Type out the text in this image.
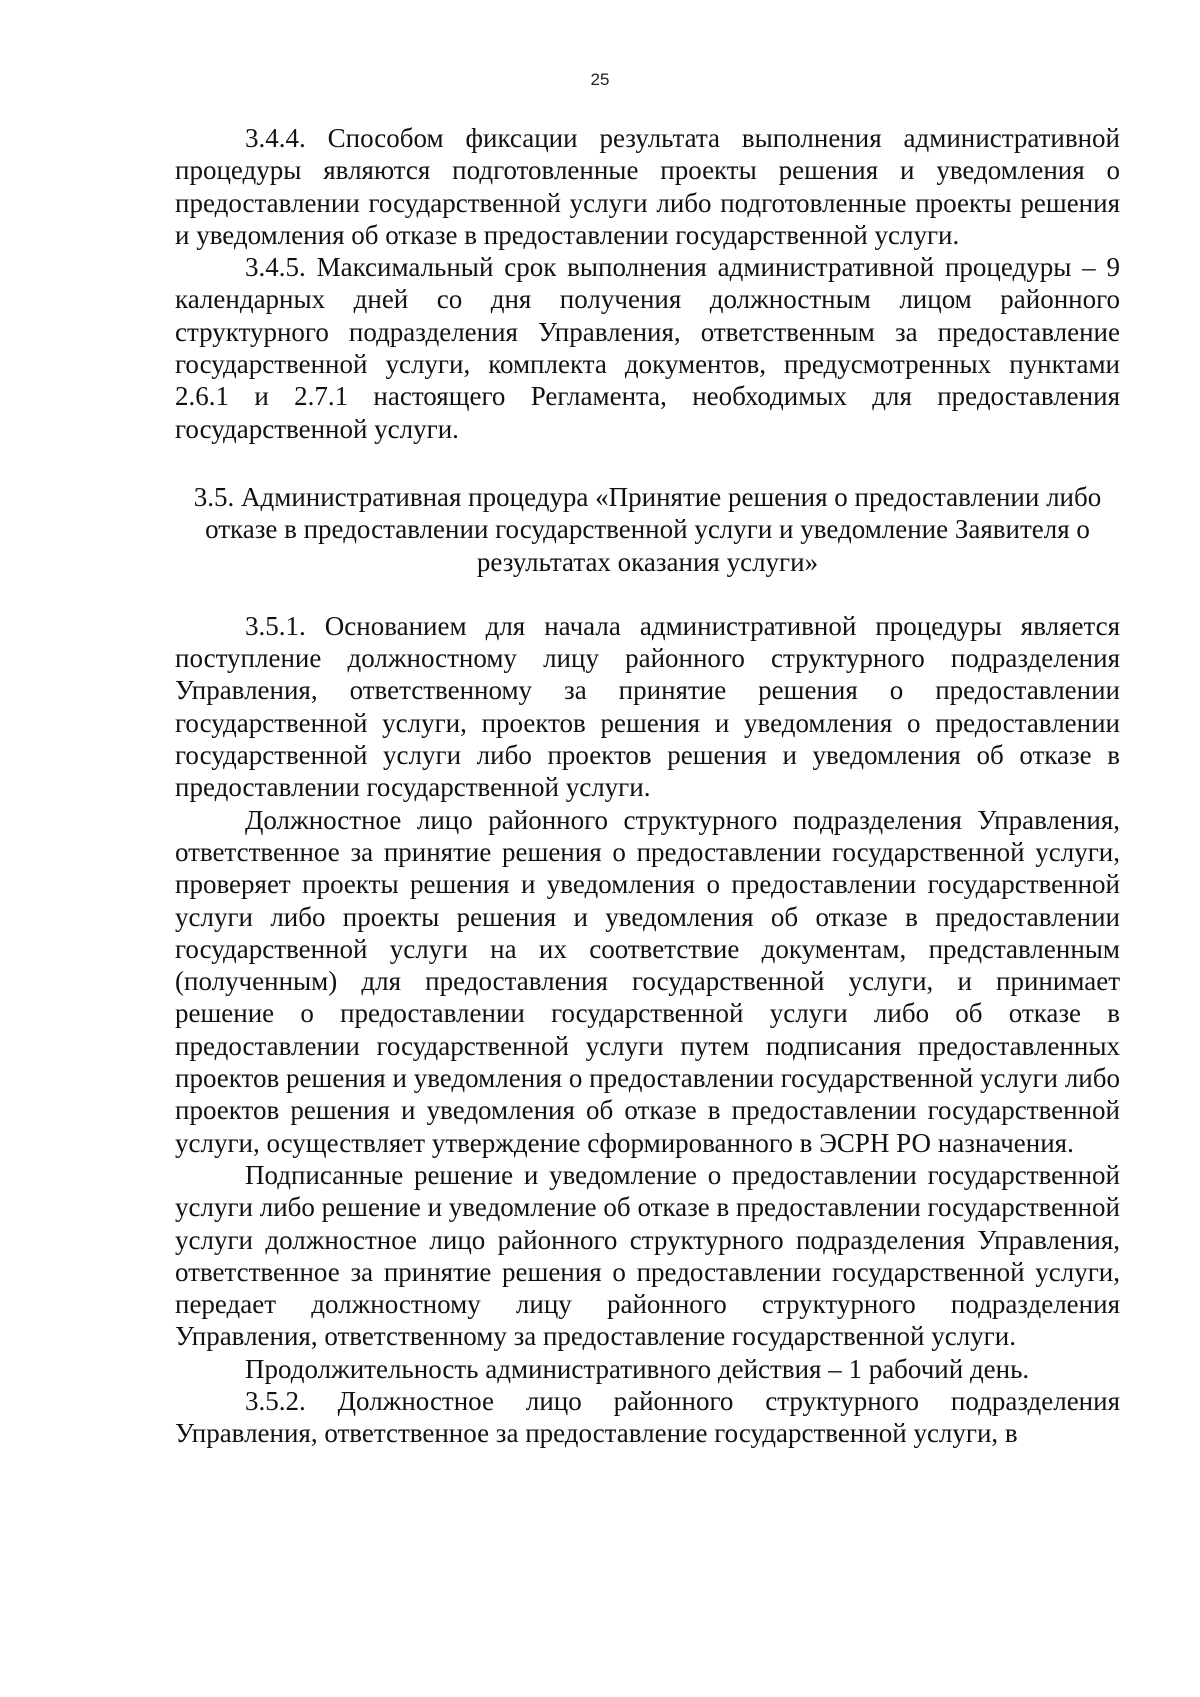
25

3.4.4. Способом фиксации результата выполнения административной процедуры являются подготовленные проекты решения и уведомления о предоставлении государственной услуги либо подготовленные проекты решения и уведомления об отказе в предоставлении государственной услуги.

3.4.5. Максимальный срок выполнения административной процедуры – 9 календарных дней со дня получения должностным лицом районного структурного подразделения Управления, ответственным за предоставление государственной услуги, комплекта документов, предусмотренных пунктами 2.6.1 и 2.7.1 настоящего Регламента, необходимых для предоставления государственной услуги.

3.5. Административная процедура «Принятие решения о предоставлении либо отказе в предоставлении государственной услуги и уведомление Заявителя о результатах оказания услуги»

3.5.1. Основанием для начала административной процедуры является поступление должностному лицу районного структурного подразделения Управления, ответственному за принятие решения о предоставлении государственной услуги, проектов решения и уведомления о предоставлении государственной услуги либо проектов решения и уведомления об отказе в предоставлении государственной услуги.

Должностное лицо районного структурного подразделения Управления, ответственное за принятие решения о предоставлении государственной услуги, проверяет проекты решения и уведомления о предоставлении государственной услуги либо проекты решения и уведомления об отказе в предоставлении государственной услуги на их соответствие документам, представленным (полученным) для предоставления государственной услуги, и принимает решение о предоставлении государственной услуги либо об отказе в предоставлении государственной услуги путем подписания предоставленных проектов решения и уведомления о предоставлении государственной услуги либо проектов решения и уведомления об отказе в предоставлении государственной услуги, осуществляет утверждение сформированного в ЭСРН РО назначения.

Подписанные решение и уведомление о предоставлении государственной услуги либо решение и уведомление об отказе в предоставлении государственной услуги должностное лицо районного структурного подразделения Управления, ответственное за принятие решения о предоставлении государственной услуги, передает должностному лицу районного структурного подразделения Управления, ответственному за предоставление государственной услуги.

Продолжительность административного действия – 1 рабочий день.

3.5.2. Должностное лицо районного структурного подразделения Управления, ответственное за предоставление государственной услуги, в
